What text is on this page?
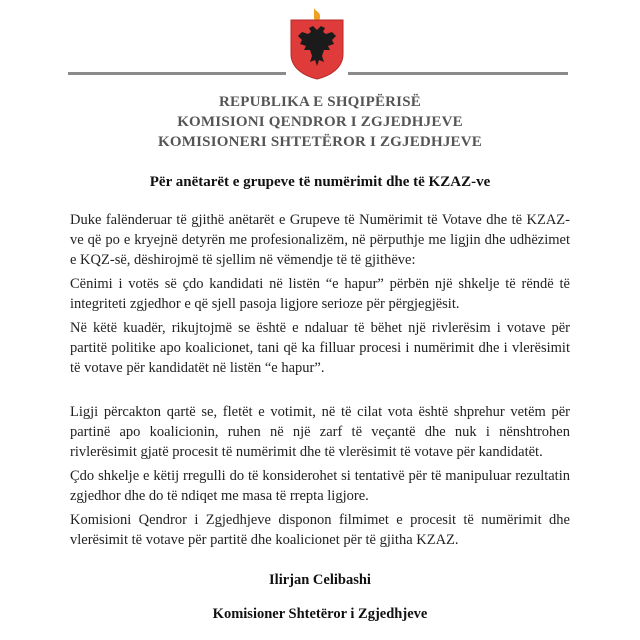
REPUBLIKA E SHQIPËRISË
KOMISIONI QENDROR I ZGJEDHJEVE
KOMISIONERI SHTETËROR I ZGJEDHJEVE
Për anëtarët e grupeve të numërimit dhe të KZAZ-ve
Duke falënderuar të gjithë anëtarët e Grupeve të Numërimit të Votave dhe të KZAZ-ve që po e kryejnë detyrën me profesionalizëm, në përputhje me ligjin dhe udhëzimet e KQZ-së, dëshirojmë të sjellim në vëmendje të të gjithëve:
Cënimi i votës së çdo kandidati në listën “e hapur” përbën një shkelje të rëndë të integriteti zgjedhor e që sjell pasoja ligjore serioze për përgjegjësit.
Në këtë kuadër, rikujtojmë se është e ndaluar të bëhet një rivlerësim i votave për partitë politike apo koalicionet, tani që ka filluar procesi i numërimit dhe i vlerësimit të votave për kandidatët në listën “e hapur”.
Ligji përcakton qartë se, fletët e votimit, në të cilat vota është shprehur vetëm për partinë apo koalicionin, ruhen në një zarf të veçantë dhe nuk i nënshtrohen rivlerësimit gjatë procesit të numërimit dhe të vlerësimit të votave për kandidatët.
Çdo shkelje e këtij rregulli do të konsiderohet si tentativë për të manipuluar rezultatin zgjedhor dhe do të ndiqet me masa të rrepta ligjore.
Komisioni Qendror i Zgjedhjeve disponon filmimet e procesit të numërimit dhe vlerësimit të votave për partitë dhe koalicionet për të gjitha KZAZ.
Ilirjan Celibashi
Komisioner Shtetëror i Zgjedhjeve
